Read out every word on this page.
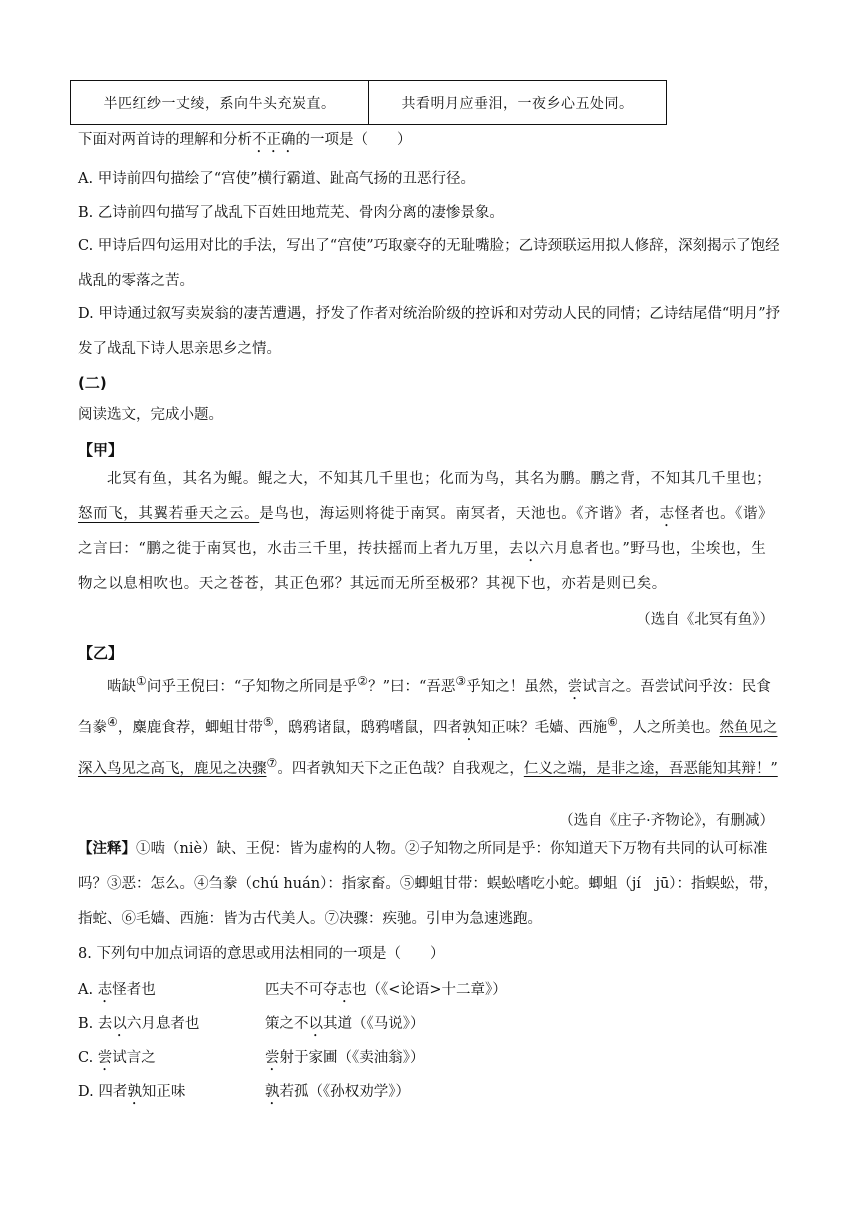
半匹红纱一丈绫，系向牛头充炭直。	共看明月应垂泪，一夜乡心五处同。
下面对两首诗的理解和分析不正确的一项是（　　）
A. 甲诗前四句描绘了“宫使”横行霸道、趾高气扬的丑恶行径。
B. 乙诗前四句描写了战乱下百姓田地荒芜、骨肉分离的凄惨景象。
C. 甲诗后四句运用对比的手法，写出了“宫使”巧取豪夺的无耻嘴脸；乙诗颈联运用拟人修辞，深刻揭示了饱经战乱的零落之苦。
D. 甲诗通过叙写卖炭翁的凄苦遭遇，抒发了作者对统治阶级的控诉和对劳动人民的同情；乙诗结尾借“明月”抒发了战乱下诗人思亲思乡之情。
(二)
阅读选文，完成小题。
【甲】
北冥有鱼，其名为鲲。鲲之大，不知其几千里也；化而为鸟，其名为鹏。鹏之背，不知其几千里也；怒而飞，其翼若垂天之云。是鸟也，海运则将徙于南冥。南冥者，天池也。《齐谐》者，志怪者也。《谐》之言曰：“鹏之徙于南冥也，水击三千里，抟扶摇而上者九万里，去以六月息者也。”野马也，尘埃也，生物之以息相吹也。天之苍苍，其正色邪？其远而无所至极邪？其视下也，亦若是则已矣。
（选自《北冥有鱼》）
【乙】
啮缺①问乎王倪曰：“子知物之所同是乎②？”曰：“吾恶③乎知之！虽然，尝试言之。吾尝试问乎汝：民食刍豢④，麋鹿食荐，蝍蛆甘带⑤，鸱鸦诸鼠，鸱鸦嗜鼠，四者孰知正味？毛嫱、西施⑥，人之所美也。然鱼见之深入鸟见之高飞，鹿见之决骤⑦。四者孰知天下之正色哉？自我观之，仁义之端，是非之途，吾恶能知其辩！”
（选自《庄子·齐物论》，有删减）
【注释】①啮（niè）缺、王倪：皆为虚构的人物。②子知物之所同是乎：你知道天下万物有共同的认可标准吗？③恶：怎么。④刍豢（chú huán）：指家畜。⑤蝍蛆甘带：蜈蚣嗜吃小蛇。蝍蛆（jí　jū）：指蜈蚣，带，指蛇、⑥毛嫱、西施：皆为古代美人。⑦决骤：疾驰。引申为急速逃跑。
8. 下列句中加点词语的意思或用法相同的一项是（　　）
A. 志怪者也	匹夫不可夺志也（《<论语>十二章》）
B. 去以六月息者也	策之不以其道（《马说》）
C. 尝试言之	尝射于家圃（《卖油翁》）
D. 四者孰知正味	孰若孤（《孙权劝学》）
